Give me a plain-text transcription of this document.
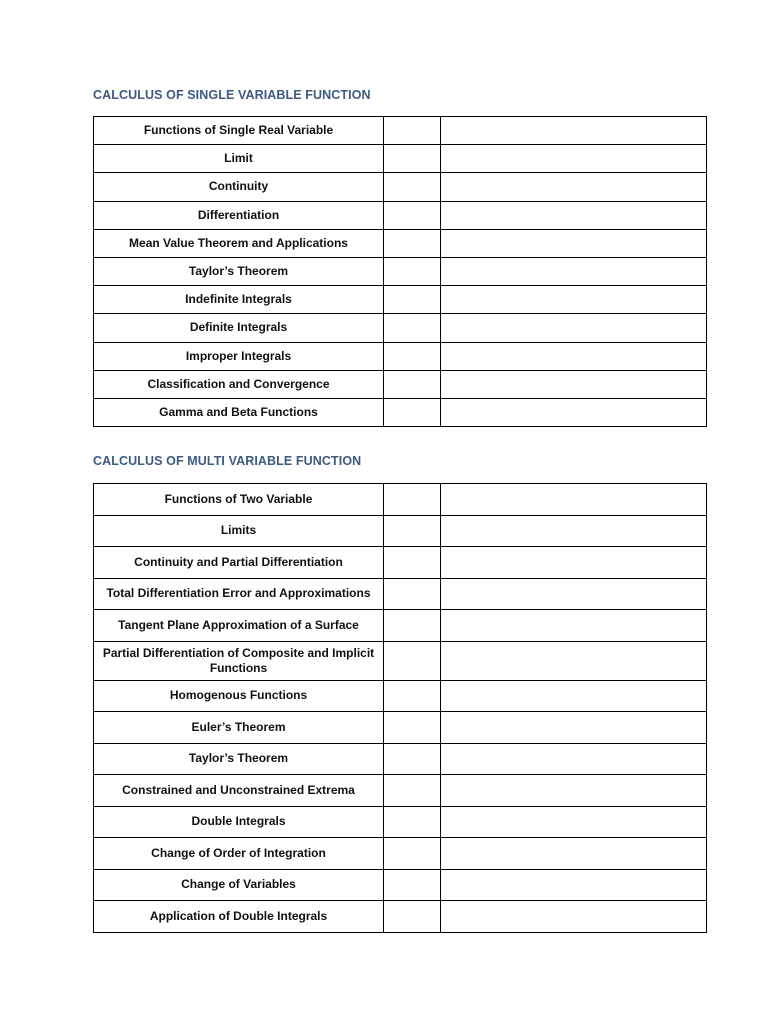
CALCULUS OF SINGLE VARIABLE FUNCTION
Functions of Single Real Variable		
Limit		
Continuity		
Differentiation		
Mean Value Theorem and Applications		
Taylor’s Theorem		
Indefinite Integrals		
Definite Integrals		
Improper Integrals		
Classification and Convergence		
Gamma and Beta Functions		
CALCULUS OF MULTI VARIABLE FUNCTION
Functions of Two Variable		
Limits		
Continuity and Partial Differentiation		
Total Differentiation Error and Approximations		
Tangent Plane Approximation of a Surface		
Partial Differentiation of Composite and Implicit Functions		
Homogenous Functions		
Euler’s Theorem		
Taylor’s Theorem		
Constrained and Unconstrained Extrema		
Double Integrals		
Change of Order of Integration		
Change of Variables		
Application of Double Integrals		
